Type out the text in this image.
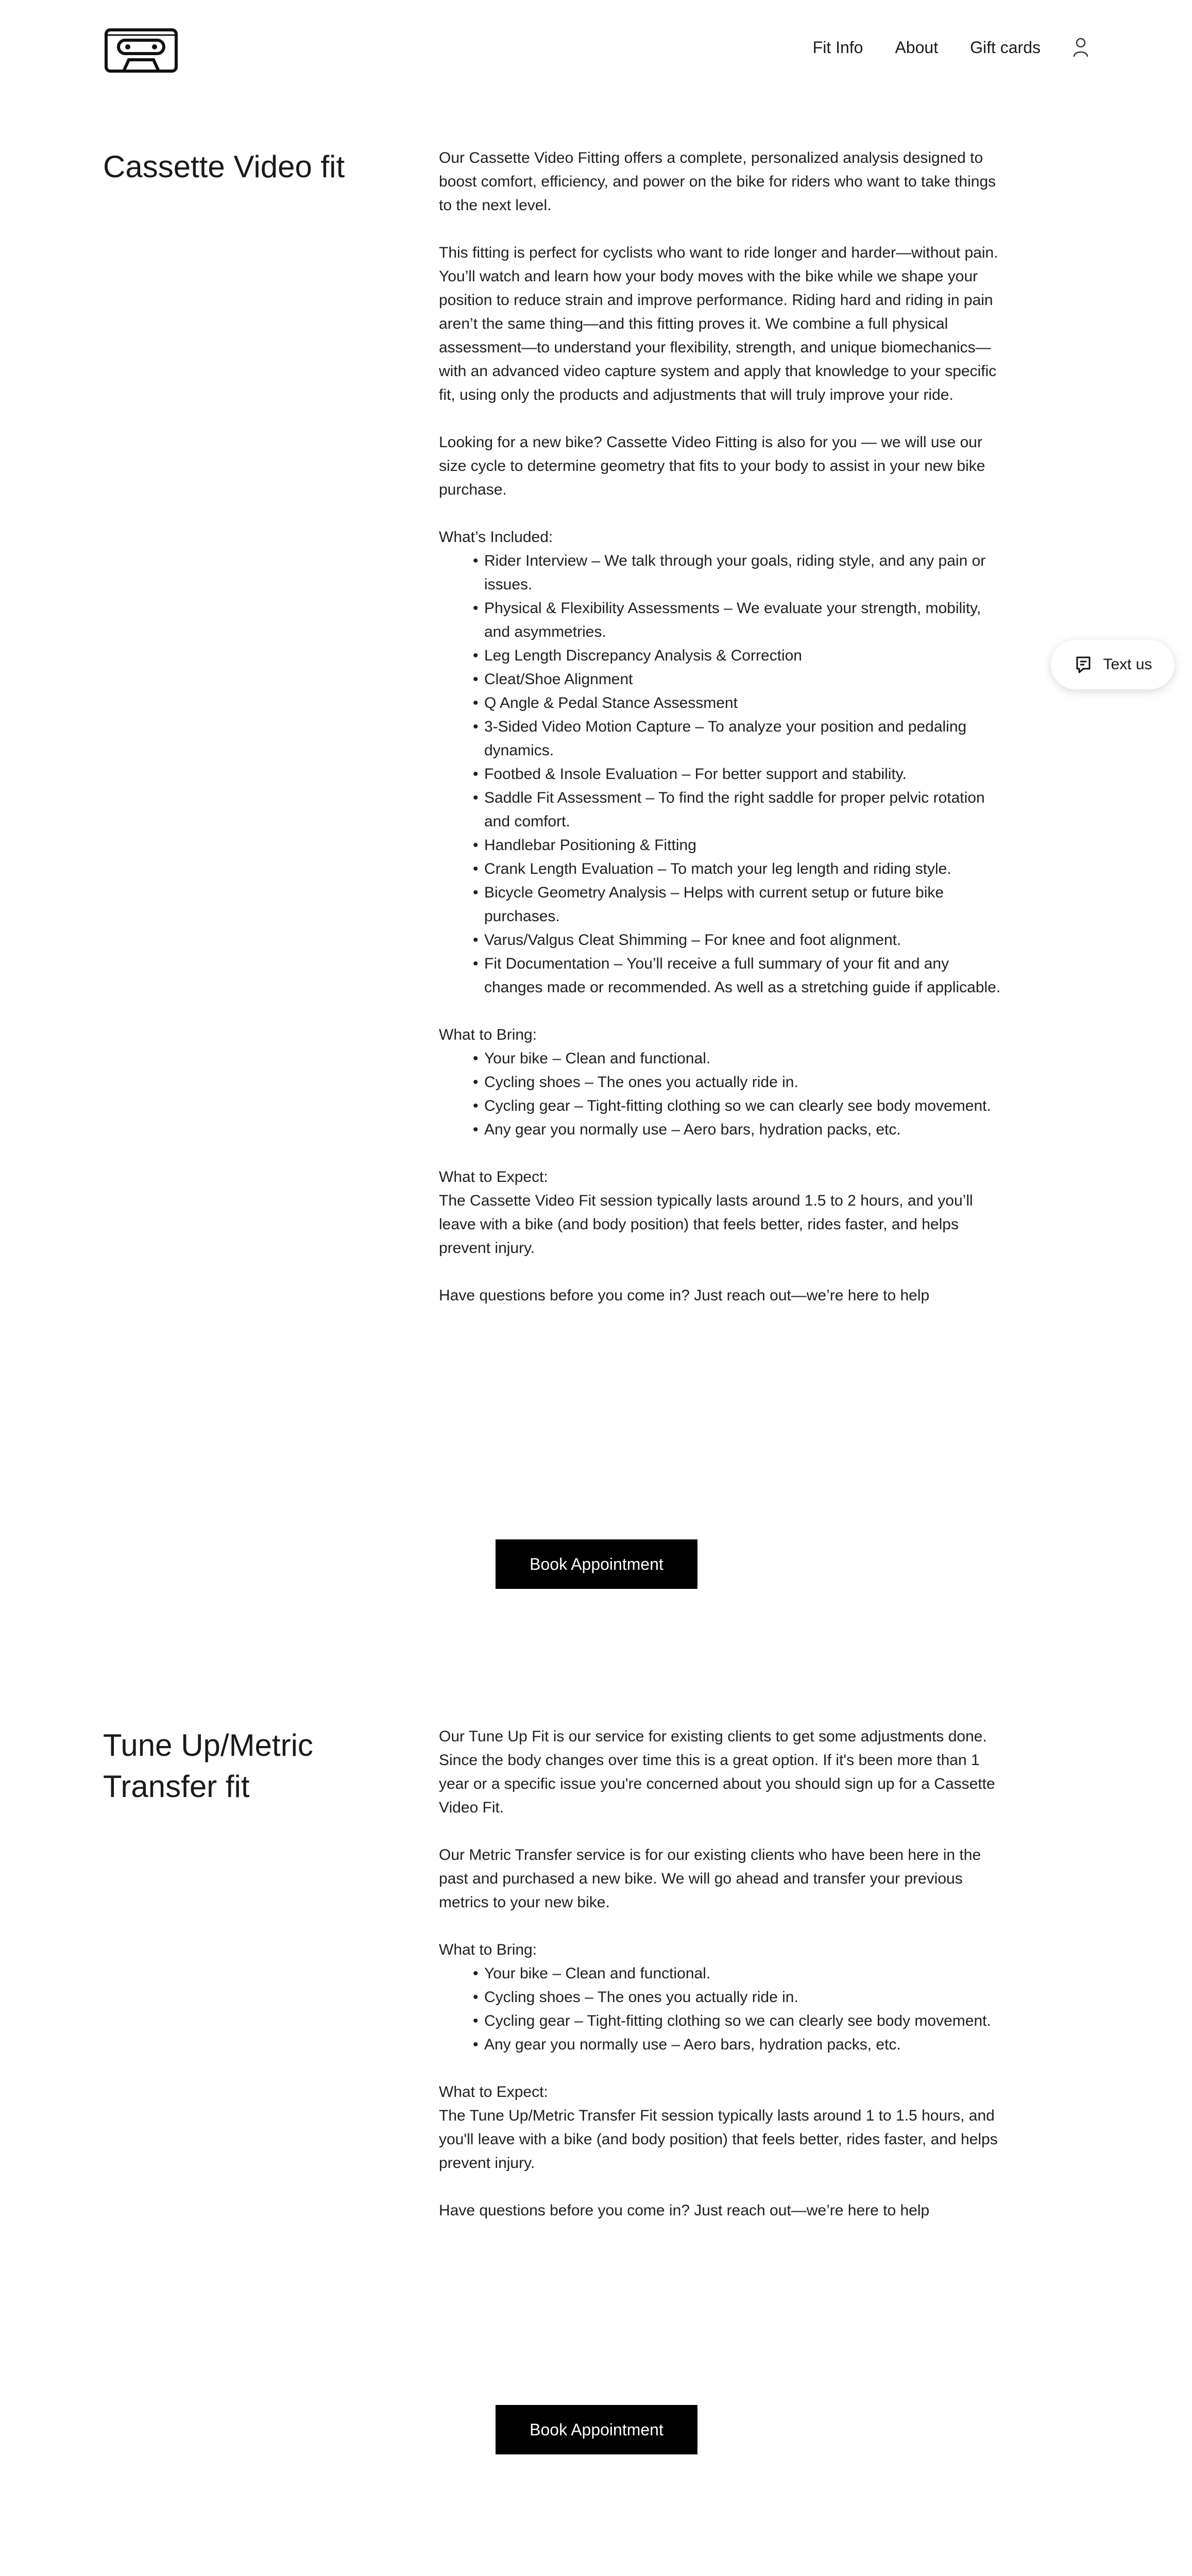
Fit Info About Gift cards
Text us
Cassette Video fit	Our Cassette Video Fitting offers a complete, personalized analysis designed to boost comfort, efficiency, and power on the bike for riders who want to take things to the next level.

This fitting is perfect for cyclists who want to ride longer and harder—without pain. You’ll watch and learn how your body moves with the bike while we shape your position to reduce strain and improve performance. Riding hard and riding in pain aren’t the same thing—and this fitting proves it. We combine a full physical assessment—to understand your flexibility, strength, and unique biomechanics—with an advanced video capture system and apply that knowledge to your specific fit, using only the products and adjustments that will truly improve your ride.

Looking for a new bike? Cassette Video Fitting is also for you — we will use our size cycle to determine geometry that fits to your body to assist in your new bike purchase.

What’s Included:

• Rider Interview – We talk through your goals, riding style, and any pain or issues.
• Physical & Flexibility Assessments – We evaluate your strength, mobility, and asymmetries.
• Leg Length Discrepancy Analysis & Correction
• Cleat/Shoe Alignment
• Q Angle & Pedal Stance Assessment
• 3-Sided Video Motion Capture – To analyze your position and pedaling dynamics.
• Footbed & Insole Evaluation – For better support and stability.
• Saddle Fit Assessment – To find the right saddle for proper pelvic rotation and comfort.
• Handlebar Positioning & Fitting
• Crank Length Evaluation – To match your leg length and riding style.
• Bicycle Geometry Analysis – Helps with current setup or future bike purchases.
• Varus/Valgus Cleat Shimming – For knee and foot alignment.
• Fit Documentation – You’ll receive a full summary of your fit and any changes made or recommended. As well as a stretching guide if applicable.

What to Bring:

• Your bike – Clean and functional.
• Cycling shoes – The ones you actually ride in.
• Cycling gear – Tight-fitting clothing so we can clearly see body movement.
• Any gear you normally use – Aero bars, hydration packs, etc.

What to Expect:

The Cassette Video Fit session typically lasts around 1.5 to 2 hours, and you’ll leave with a bike (and body position) that feels better, rides faster, and helps prevent injury.

Have questions before you come in? Just reach out—we’re here to help

Book Appointment
Tune Up/Metric Transfer fit

Our Tune Up Fit is our service for existing clients to get some adjustments done. Since the body changes over time this is a great option. If it's been more than 1 year or a specific issue you're concerned about you should sign up for a Cassette Video Fit.

Our Metric Transfer service is for our existing clients who have been here in the past and purchased a new bike. We will go ahead and transfer your previous metrics to your new bike.

What to Bring:

• Your bike – Clean and functional.
• Cycling shoes – The ones you actually ride in.
• Cycling gear – Tight-fitting clothing so we can clearly see body movement.
• Any gear you normally use – Aero bars, hydration packs, etc.

What to Expect:

The Tune Up/Metric Transfer Fit session typically lasts around 1 to 1.5 hours, and you'll leave with a bike (and body position) that feels better, rides faster, and helps prevent injury.

Have questions before you come in? Just reach out—we’re here to help

Book Appointment
